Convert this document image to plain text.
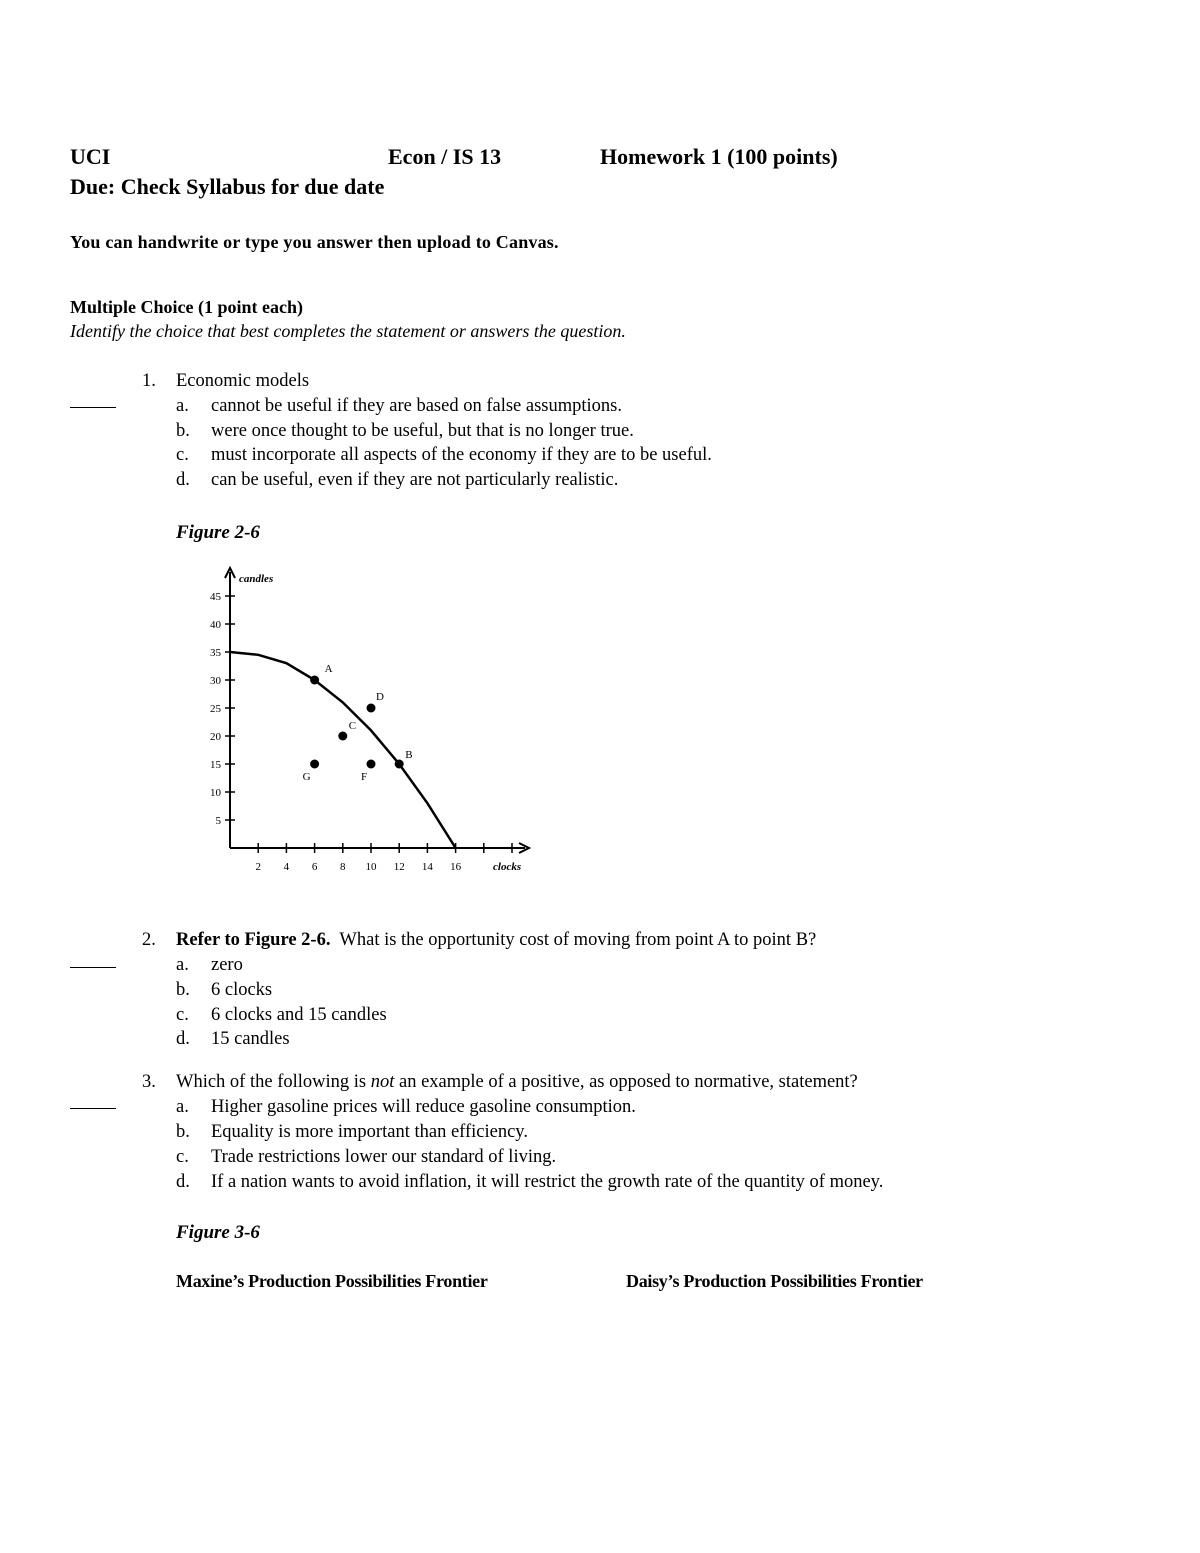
UCI	Econ / IS 13	Homework 1 (100 points)
Due: Check Syllabus for due date
You can handwrite or type you answer then upload to Canvas.
Multiple Choice (1 point each)
Identify the choice that best completes the statement or answers the question.
1. Economic models
a. cannot be useful if they are based on false assumptions.
b. were once thought to be useful, but that is no longer true.
c. must incorporate all aspects of the economy if they are to be useful.
d. can be useful, even if they are not particularly realistic.
Figure 2-6
5
10
15
20
25
30
35
40
45
2 4 6 8 10 12 14 16
candles
clocks
A
B
C
D
F
G
2. Refer to Figure 2-6. What is the opportunity cost of moving from point A to point B?
a. zero
b. 6 clocks
c. 6 clocks and 15 candles
d. 15 candles
3. Which of the following is not an example of a positive, as opposed to normative, statement?
a. Higher gasoline prices will reduce gasoline consumption.
b. Equality is more important than efficiency.
c. Trade restrictions lower our standard of living.
d. If a nation wants to avoid inflation, it will restrict the growth rate of the quantity of money.
Figure 3-6
Maxine’s Production Possibilities Frontier	Daisy’s Production Possibilities Frontier
